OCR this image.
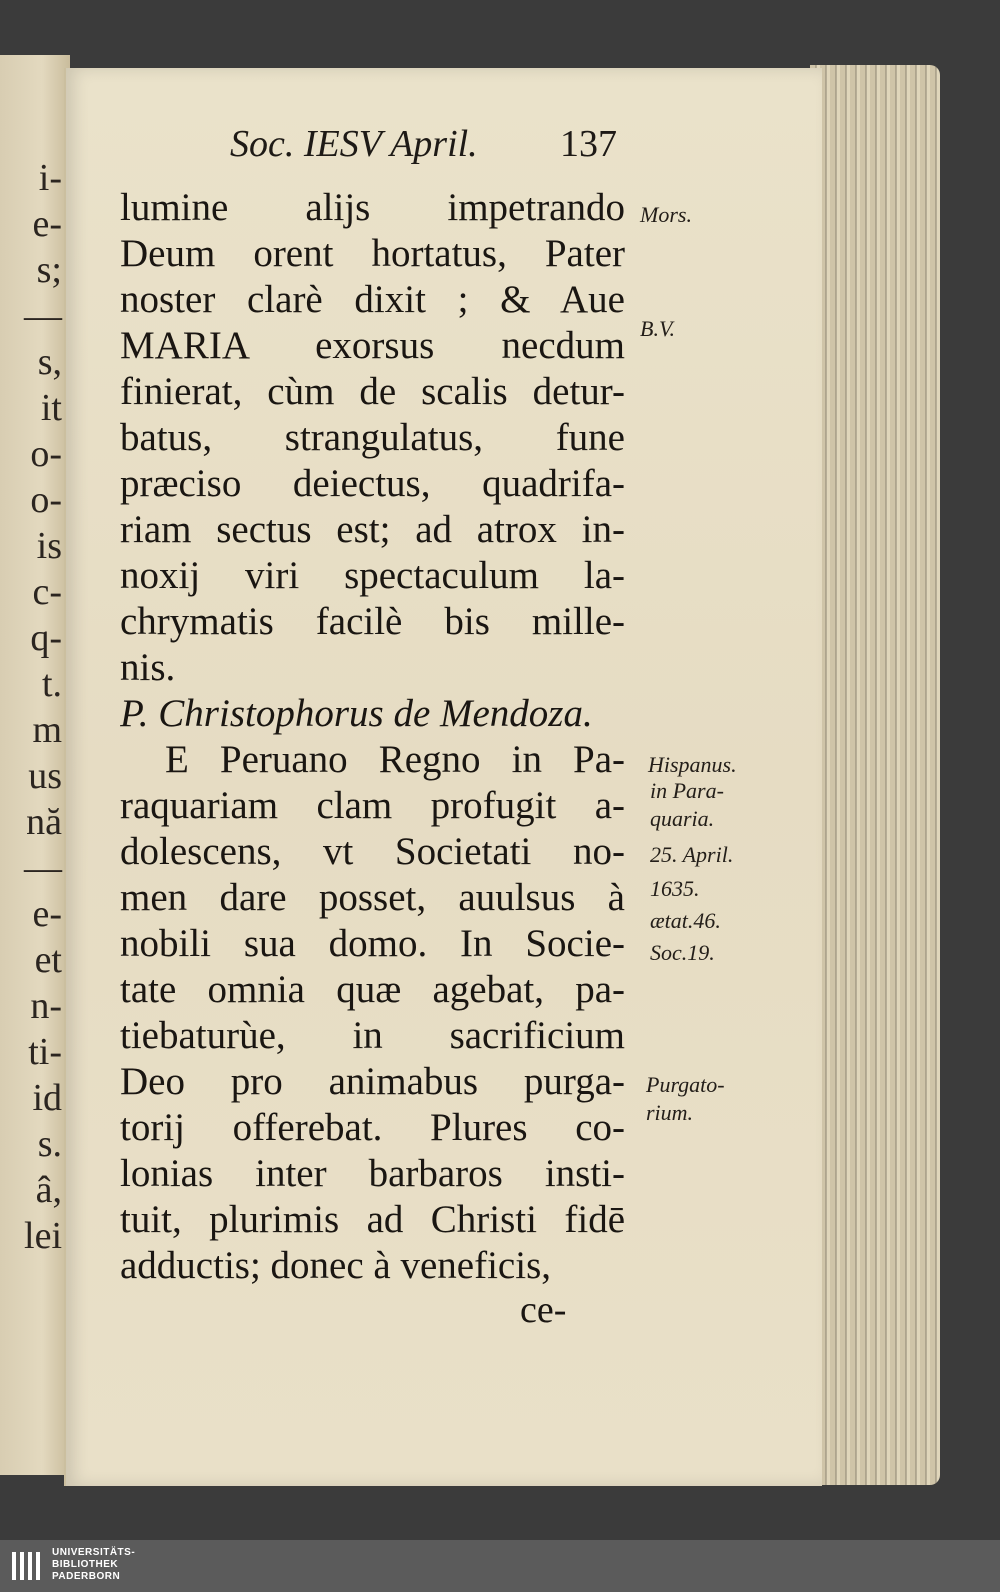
i-
e-
s;
—
s,
it
o-
o-
is
c-
q-
t.
m
us
nă
—
e-
et
n-
ti-
id
s.
â,
lei
Soc. IESV April. 137
lumine alijs impetrando
Deum orent hortatus, Pater
noster clarè dixit ; & Aue
MARIA exorsus necdum
finierat, cùm de scalis detur-
batus, strangulatus, fune
præciso deiectus, quadrifa-
riam sectus est; ad atrox in-
noxij viri spectaculum la-
chrymatis facilè bis mille-
nis.
P. Christophorus de Mendoza.
E Peruano Regno in Pa-
raquariam clam profugit a-
dolescens, vt Societati no-
men dare posset, auulsus à
nobili sua domo. In Socie-
tate omnia quæ agebat, pa-
tiebaturùe, in sacrificium
Deo pro animabus purga-
torij offerebat. Plures co-
lonias inter barbaros insti-
tuit, plurimis ad Christi fidē
adductis; donec à veneficis,
ce-
Mors.
B.V.
Hispanus.
in Para-
quaria.
25. April.
1635.
ætat.46.
Soc.19.
Purgato-
rium.
UNIVERSITÄTS-
BIBLIOTHEK
PADERBORN
